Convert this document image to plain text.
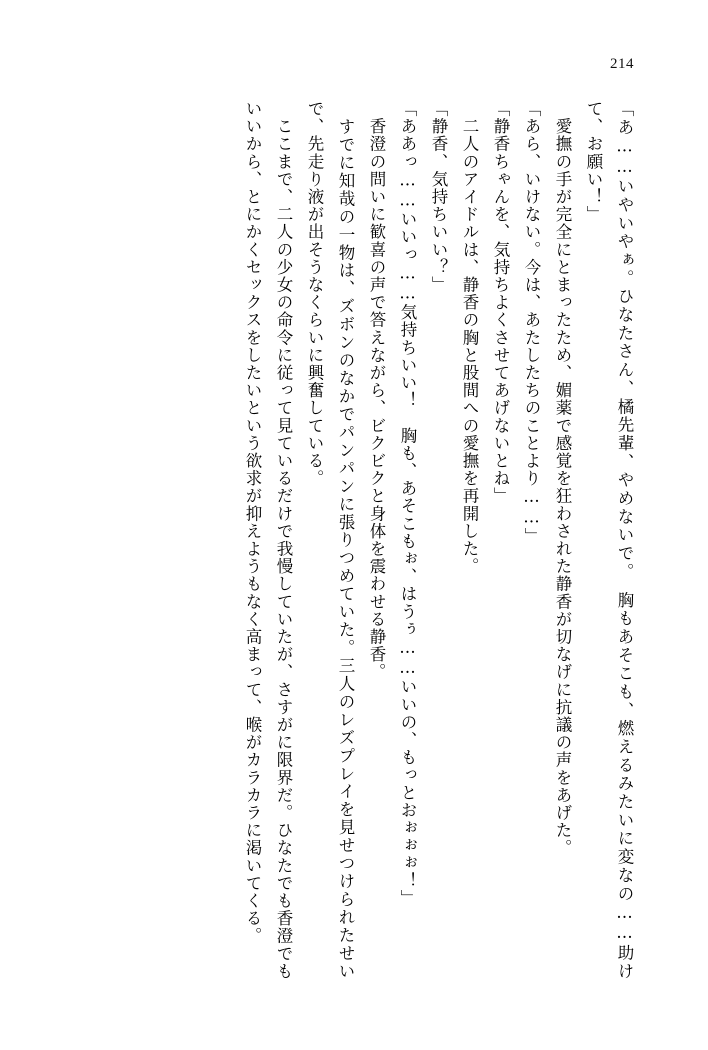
214

「あ……いやいやぁ。ひなたさん、橘先輩、やめないで。　胸もあそこも、燃えるみたいに変なの……助けて、お願い！」

　愛撫の手が完全にとまったため、媚薬で感覚を狂わされた静香が切なげに抗議の声をあげた。

「あら、いけない。今は、あたしたちのことより……」

「静香ちゃんを、気持ちよくさせてあげないとね」

　二人のアイドルは、静香の胸と股間への愛撫を再開した。

「静香、気持ちいい？」

「ああっ……いいっ……気持ちいい！　胸も、あそこもぉ、はうぅ……いいの、もっとおぉぉぉ！」

　香澄の問いに歓喜の声で答えながら、ビクビクと身体を震わせる静香。

　すでに知哉の一物は、ズボンのなかでパンパンに張りつめていた。三人のレズプレイを見せつけられたせいで、先走り液が出そうなくらいに興奮している。

　ここまで、二人の少女の命令に従って見ているだけで我慢していたが、さすがに限界だ。ひなたでも香澄でもいいから、とにかくセックスをしたいという欲求が抑えようもなく高まって、喉がカラカラに渇いてくる。
